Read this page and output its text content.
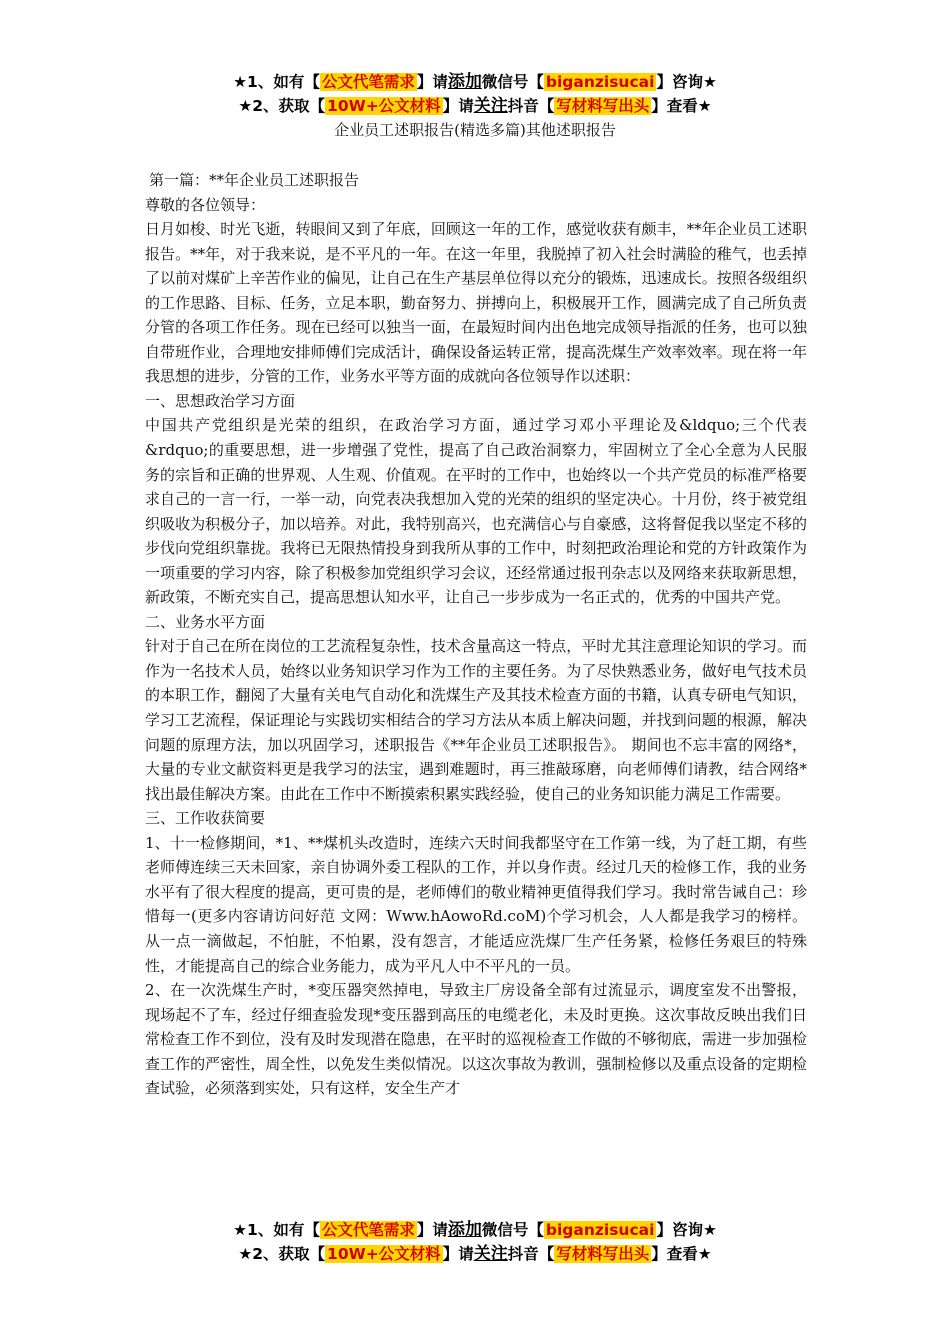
★1、如有【 公文代笔需求 】请添加微信号【 biganzisucai 】咨询★
★2、获取【 10W+公文材料 】请关注抖音【 写材料写出头 】查看★
企业员工述职报告(精选多篇)其他述职报告

第一篇：**年企业员工述职报告

尊敬的各位领导：

日月如梭、时光飞逝，转眼间又到了年底，回顾这一年的工作，感觉收获有颇丰，**年企业员工述职报告。**年，对于我来说，是不平凡的一年。在这一年里，我脱掉了初入社会时满脸的稚气，也丢掉了以前对煤矿上辛苦作业的偏见，让自己在生产基层单位得以充分的锻炼，迅速成长。按照各级组织的工作思路、目标、任务，立足本职，勤奋努力、拼搏向上，积极展开工作，圆满完成了自己所负责分管的各项工作任务。现在已经可以独当一面，在最短时间内出色地完成领导指派的任务，也可以独自带班作业，合理地安排师傅们完成活计，确保设备运转正常，提高洗煤生产效率效率。现在将一年我思想的进步，分管的工作，业务水平等方面的成就向各位领导作以述职：

一、思想政治学习方面

中国共产党组织是光荣的组织，在政治学习方面，通过学习邓小平理论及&ldquo;三个代表&rdquo;的重要思想，进一步增强了党性，提高了自己政治洞察力，牢固树立了全心全意为人民服务的宗旨和正确的世界观、人生观、价值观。在平时的工作中，也始终以一个共产党员的标准严格要求自己的一言一行，一举一动，向党表决我想加入党的光荣的组织的坚定决心。十月份，终于被党组织吸收为积极分子，加以培养。对此，我特别高兴，也充满信心与自豪感，这将督促我以坚定不移的步伐向党组织靠拢。我将已无限热情投身到我所从事的工作中，时刻把政治理论和党的方针政策作为一项重要的学习内容，除了积极参加党组织学习会议，还经常通过报刊杂志以及网络来获取新思想，新政策，不断充实自己，提高思想认知水平，让自己一步步成为一名正式的，优秀的中国共产党。

二、业务水平方面

针对于自己在所在岗位的工艺流程复杂性，技术含量高这一特点，平时尤其注意理论知识的学习。而作为一名技术人员，始终以业务知识学习作为工作的主要任务。为了尽快熟悉业务，做好电气技术员的本职工作，翻阅了大量有关电气自动化和洗煤生产及其技术检查方面的书籍，认真专研电气知识，学习工艺流程，保证理论与实践切实相结合的学习方法从本质上解决问题，并找到问题的根源，解决问题的原理方法，加以巩固学习，述职报告《**年企业员工述职报告》。 期间也不忘丰富的网络*，大量的专业文献资料更是我学习的法宝，遇到难题时，再三推敲琢磨，向老师傅们请教，结合网络*找出最佳解决方案。由此在工作中不断摸索积累实践经验，使自己的业务知识能力满足工作需要。

三、工作收获简要

1、十一检修期间，*1、**煤机头改造时，连续六天时间我都坚守在工作第一线，为了赶工期，有些老师傅连续三天未回家，亲自协调外委工程队的工作，并以身作责。经过几天的检修工作，我的业务水平有了很大程度的提高，更可贵的是，老师傅们的敬业精神更值得我们学习。我时常告诫自己：珍惜每一(更多内容请访问好范 文网：Www.hAowoRd.coM)个学习机会，人人都是我学习的榜样。从一点一滴做起，不怕脏，不怕累，没有怨言，才能适应洗煤厂生产任务紧，检修任务艰巨的特殊性，才能提高自己的综合业务能力，成为平凡人中不平凡的一员。

2、在一次洗煤生产时，*变压器突然掉电，导致主厂房设备全部有过流显示，调度室发不出警报，现场起不了车，经过仔细查验发现*变压器到高压的电缆老化，未及时更换。这次事故反映出我们日常检查工作不到位，没有及时发现潜在隐患，在平时的巡视检查工作做的不够彻底，需进一步加强检查工作的严密性，周全性，以免发生类似情况。以这次事故为教训，强制检修以及重点设备的定期检查试验，必须落到实处，只有这样，安全生产才

★1、如有【 公文代笔需求 】请添加微信号【 biganzisucai 】咨询★
★2、获取【 10W+公文材料 】请关注抖音【 写材料写出头 】查看★
